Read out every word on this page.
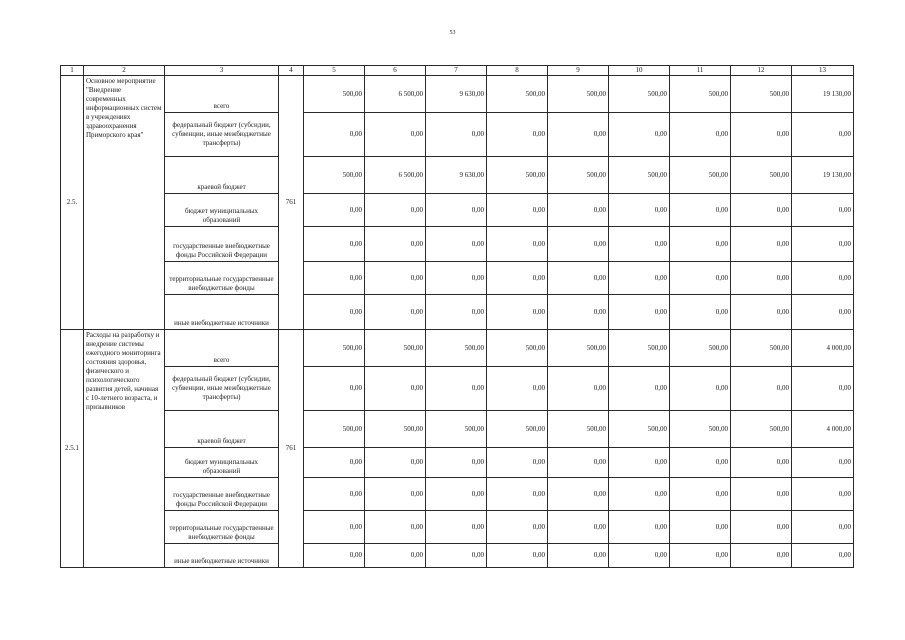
53
1	2	3	4	5	6	7	8	9	10	11	12	13
2.5.	Основное мероприятие "Внедрение современных информационных систем в учреждениях здравоохранения Приморского края"	всего	761	500,00	6 500,00	9 630,00	500,00	500,00	500,00	500,00	500,00	19 130,00
		федеральный бюджет (субсидии, субвенции, иные межбюджетные трансферты)		0,00	0,00	0,00	0,00	0,00	0,00	0,00	0,00	0,00
		краевой бюджет		500,00	6 500,00	9 630,00	500,00	500,00	500,00	500,00	500,00	19 130,00
		бюджет муниципальных образований		0,00	0,00	0,00	0,00	0,00	0,00	0,00	0,00	0,00
		государственные внебюджетные фонды Российской Федерации		0,00	0,00	0,00	0,00	0,00	0,00	0,00	0,00	0,00
		территориальные государственные внебюджетные фонды		0,00	0,00	0,00	0,00	0,00	0,00	0,00	0,00	0,00
		иные внебюджетные источники		0,00	0,00	0,00	0,00	0,00	0,00	0,00	0,00	0,00
2.5.1	Расходы на разработку и внедрение системы ежегодного мониторинга состояния здоровья, физического и психологического развития детей, начиная с 10-летнего возраста, и призывников	всего	761	500,00	500,00	500,00	500,00	500,00	500,00	500,00	500,00	4 000,00
		федеральный бюджет (субсидии, субвенции, иные межбюджетные трансферты)		0,00	0,00	0,00	0,00	0,00	0,00	0,00	0,00	0,00
		краевой бюджет		500,00	500,00	500,00	500,00	500,00	500,00	500,00	500,00	4 000,00
		бюджет муниципальных образований		0,00	0,00	0,00	0,00	0,00	0,00	0,00	0,00	0,00
		государственные внебюджетные фонды Российской Федерации		0,00	0,00	0,00	0,00	0,00	0,00	0,00	0,00	0,00
		территориальные государственные внебюджетные фонды		0,00	0,00	0,00	0,00	0,00	0,00	0,00	0,00	0,00
		иные внебюджетные источники		0,00	0,00	0,00	0,00	0,00	0,00	0,00	0,00	0,00
